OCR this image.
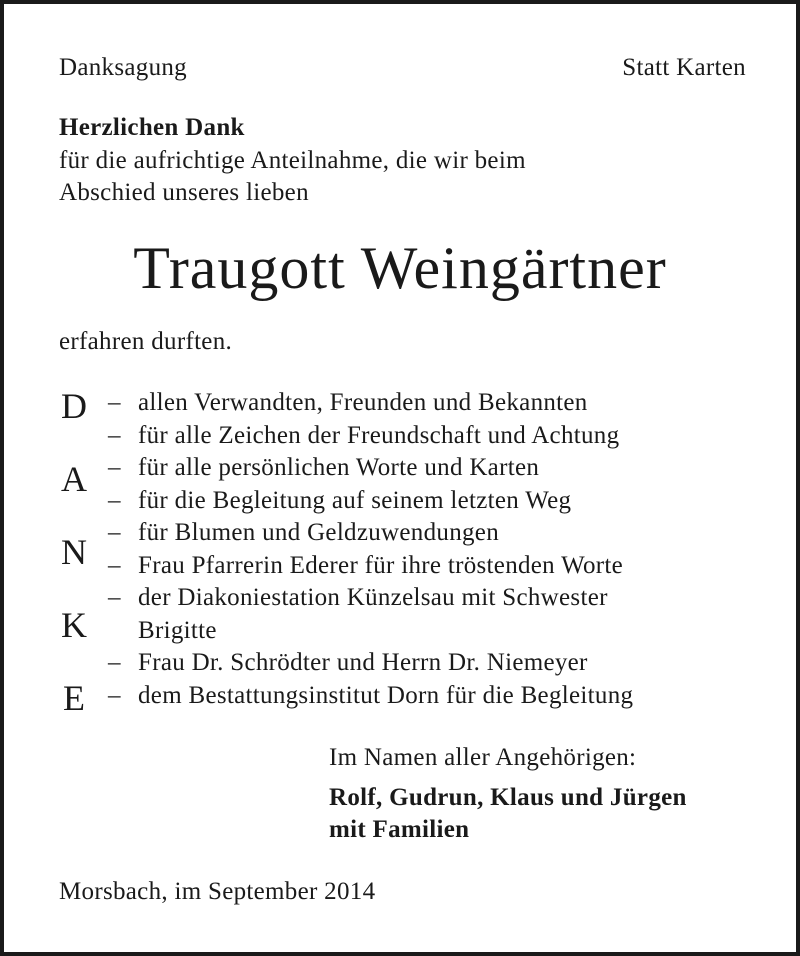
Danksagung	Statt Karten
Herzlichen Dank
für die aufrichtige Anteilnahme, die wir beim
Abschied unseres lieben
Traugott Weingärtner
erfahren durften.
D
A
N
K
E
– allen Verwandten, Freunden und Bekannten
– für alle Zeichen der Freundschaft und Achtung
– für alle persönlichen Worte und Karten
– für die Begleitung auf seinem letzten Weg
– für Blumen und Geldzuwendungen
– Frau Pfarrerin Ederer für ihre tröstenden Worte
– der Diakoniestation Künzelsau mit Schwester
Brigitte
– Frau Dr. Schrödter und Herrn Dr. Niemeyer
– dem Bestattungsinstitut Dorn für die Begleitung
Im Namen aller Angehörigen:
Rolf, Gudrun, Klaus und Jürgen
mit Familien
Morsbach, im September 2014
